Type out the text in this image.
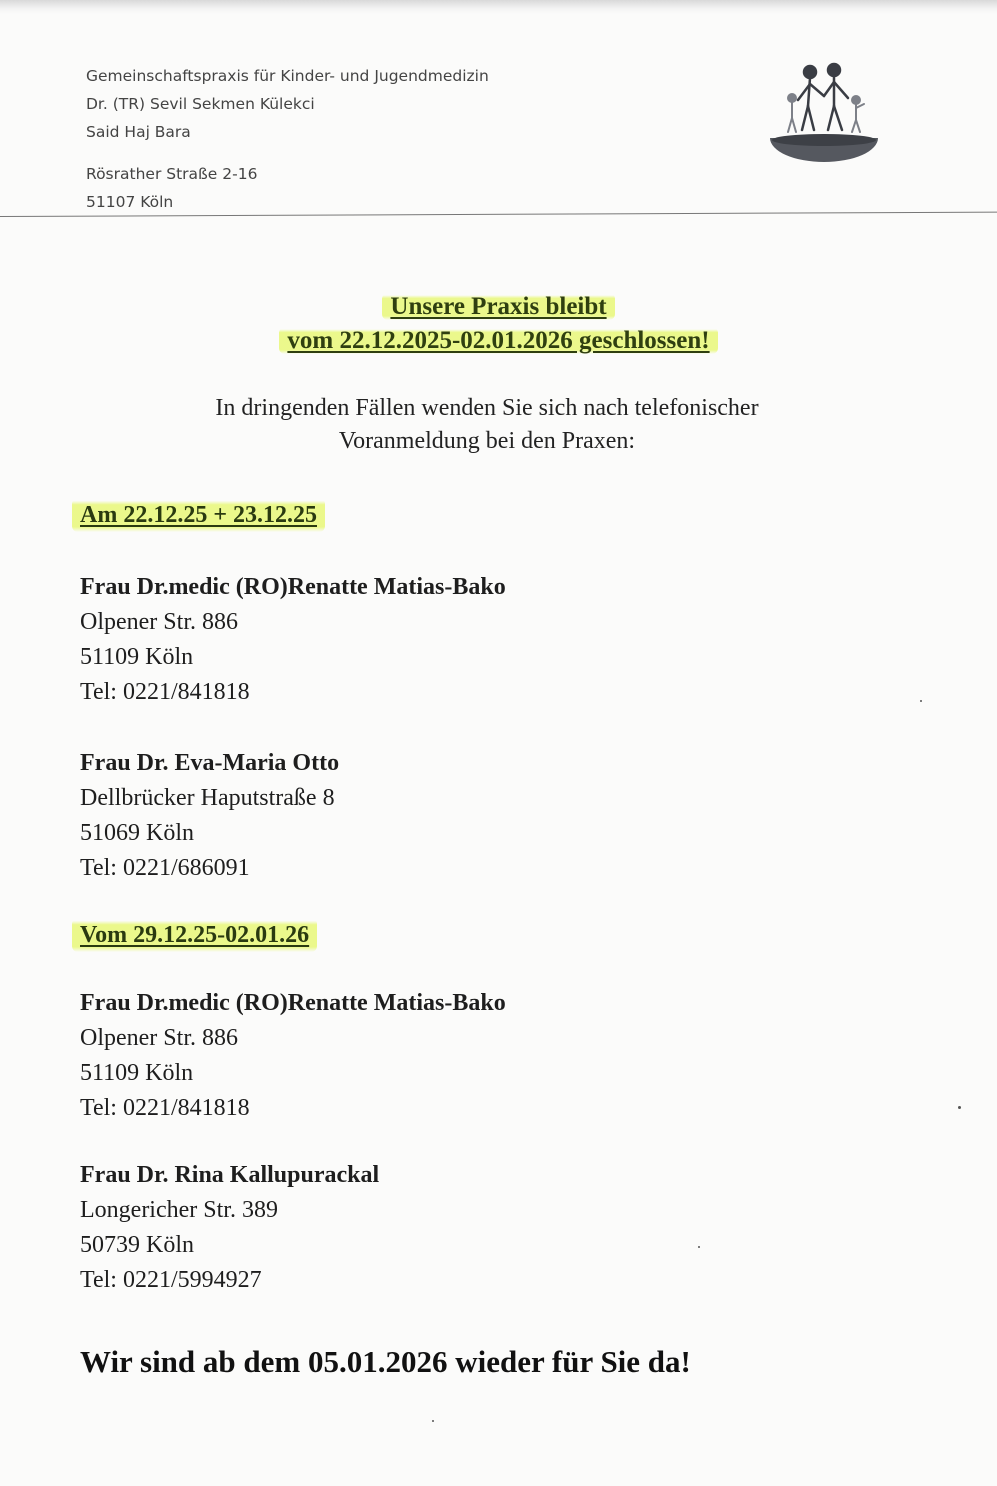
Gemeinschaftspraxis für Kinder- und Jugendmedizin
Dr. (TR) Sevil Sekmen Külekci
Said Haj Bara
Rösrather Straße 2-16
51107 Köln
Unsere Praxis bleibt
vom 22.12.2025-02.01.2026 geschlossen!
In dringenden Fällen wenden Sie sich nach telefonischer
Voranmeldung bei den Praxen:
Am 22.12.25 + 23.12.25
Frau Dr.medic (RO)Renatte Matias-Bako
Olpener Str. 886
51109 Köln
Tel: 0221/841818
Frau Dr. Eva-Maria Otto
Dellbrücker Haputstraße 8
51069 Köln
Tel: 0221/686091
Vom 29.12.25-02.01.26
Frau Dr.medic (RO)Renatte Matias-Bako
Olpener Str. 886
51109 Köln
Tel: 0221/841818
Frau Dr. Rina Kallupurackal
Longericher Str. 389
50739 Köln
Tel: 0221/5994927
Wir sind ab dem 05.01.2026 wieder für Sie da!
